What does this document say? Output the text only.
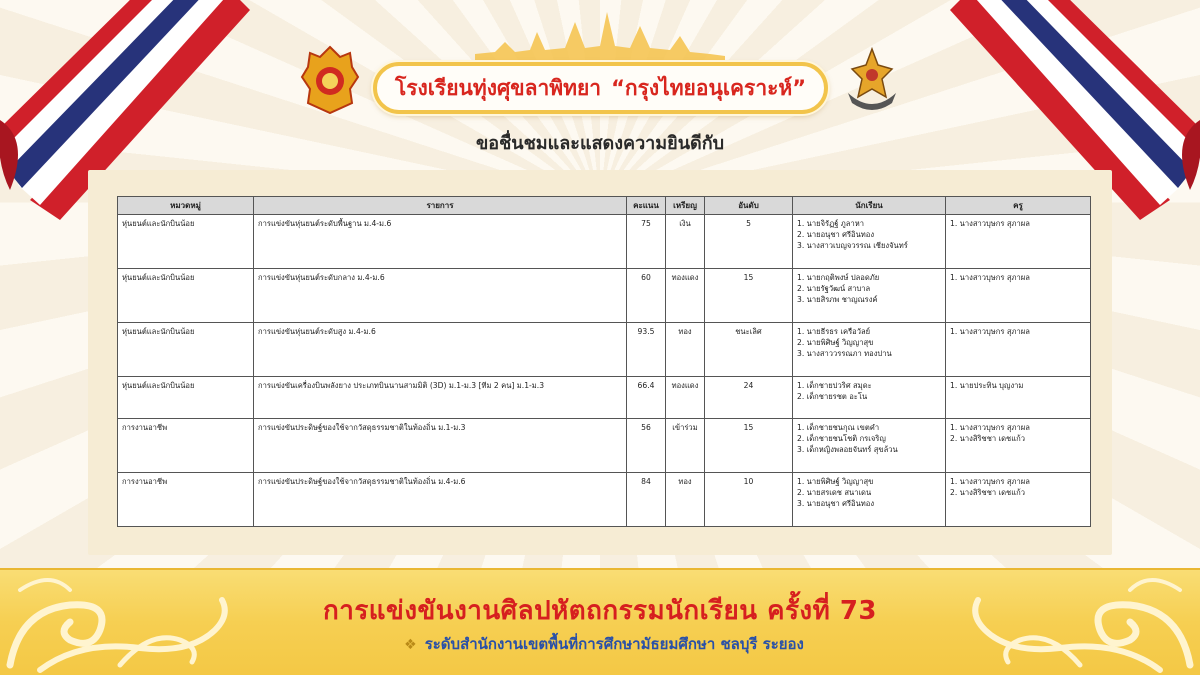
โรงเรียนทุ่งศุขลาพิทยา “กรุงไทยอนุเคราะห์”
ขอชื่นชมและแสดงความยินดีกับ
หมวดหมู่	รายการ	คะแนน	เหรียญ	อันดับ	นักเรียน	ครู
หุ่นยนต์และนักบินน้อย	การแข่งขันหุ่นยนต์ระดับพื้นฐาน ม.4-ม.6	75	เงิน	5	1. นายจิรัฏฐ์ ภูลาหา
2. นายอนุชา ศรีอินทอง
3. นางสาวเบญจวรรณ เชียงจันทร์	1. นางสาวบุษกร สุภาผล

หุ่นยนต์และนักบินน้อย	การแข่งขันหุ่นยนต์ระดับกลาง ม.4-ม.6	60	ทองแดง	15	1. นายกฤติพงษ์ ปลอดภัย
2. นายรัฐวัฒน์ สาบาล
3. นายสิรภพ ชาญณรงค์	1. นางสาวบุษกร สุภาผล

หุ่นยนต์และนักบินน้อย	การแข่งขันหุ่นยนต์ระดับสูง ม.4-ม.6	93.5	ทอง	ชนะเลิศ	1. นายธีรธร เครือวัลย์
2. นายพิศิษฐ์ วิญญาสุข
3. นางสาววรรณภา ทองปาน	1. นางสาวบุษกร สุภาผล

หุ่นยนต์และนักบินน้อย	การแข่งขันเครื่องบินพลังยาง ประเภทบินนานสามมิติ (3D) ม.1-ม.3 [ทีม 2 คน] ม.1-ม.3	66.4	ทองแดง	24	1. เด็กชายปวริศ สมุดะ
2. เด็กชายรชต อะโน	1. นายประทิน บุญงาม

การงานอาชีพ	การแข่งขันประดิษฐ์ของใช้จากวัสดุธรรมชาติในท้องถิ่น ม.1-ม.3	56	เข้าร่วม	15	1. เด็กชายชนกุณ เขตคำ
2. เด็กชายชนโชติ กรเจริญ
3. เด็กหญิงพลอยจันทร์ สุขล้วน	1. นางสาวบุษกร สุภาผล
2. นางสิริชชา เดชแก้ว

การงานอาชีพ	การแข่งขันประดิษฐ์ของใช้จากวัสดุธรรมชาติในท้องถิ่น ม.4-ม.6	84	ทอง	10	1. นายพิศิษฐ์ วิญญาสุข
2. นายสรเดช สนาเดน
3. นายอนุชา ศรีอินทอง	1. นางสาวบุษกร สุภาผล
2. นางสิริชชา เดชแก้ว
การแข่งขันงานศิลปหัตถกรรมนักเรียน ครั้งที่ 73
❖ ระดับสำนักงานเขตพื้นที่การศึกษามัธยมศึกษา ชลบุรี ระยอง
